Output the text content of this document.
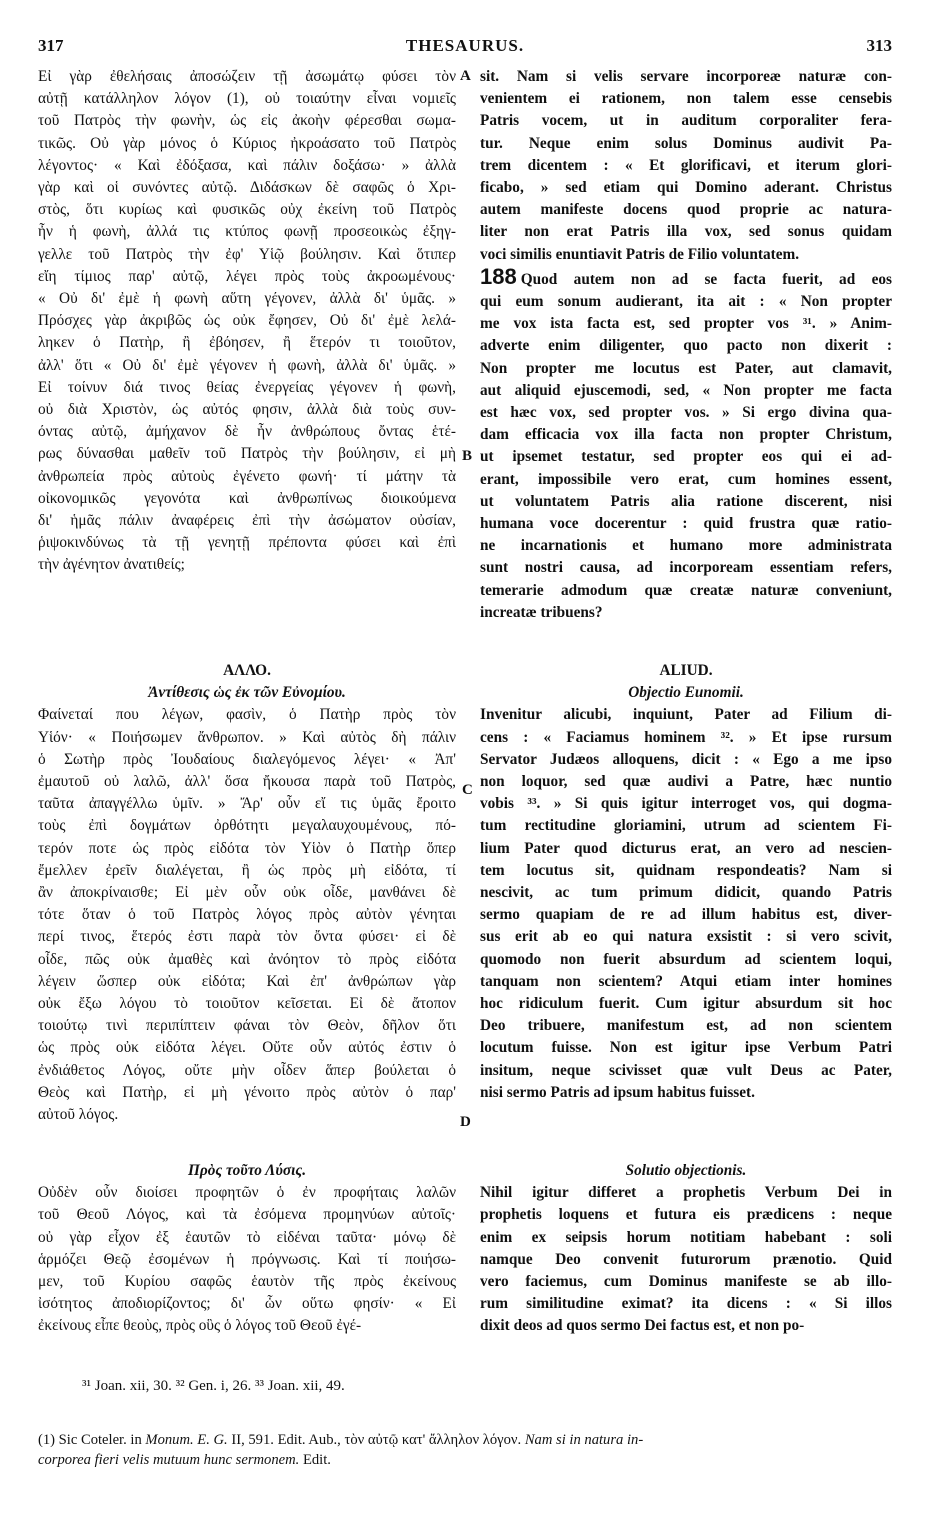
317	THESAURUS.	313
A
B
C
D

Εἰ γὰρ ἐθελήσαις ἀποσώζειν τῇ ἀσωμάτῳ φύσει τὸν

αὐτῇ κατάλληλον λόγον (1), οὐ τοιαύτην εἶναι νομιεῖς

τοῦ Πατρὸς τὴν φωνὴν, ὡς εἰς ἀκοὴν φέρεσθαι σωμα-

τικῶς. Οὐ γὰρ μόνος ὁ Κύριος ἠκροάσατο τοῦ Πατρὸς

λέγοντος· « Καὶ ἐδόξασα, καὶ πάλιν δοξάσω· » ἀλλὰ

γὰρ καὶ οἱ συνόντες αὐτῷ. Διδάσκων δὲ σαφῶς ὁ Χρι-

στὸς, ὅτι κυρίως καὶ φυσικῶς οὐχ ἐκείνη τοῦ Πατρὸς

ἦν ἡ φωνὴ, ἀλλά τις κτύπος φωνῇ προσεοικὼς ἐξηγ-

γελλε τοῦ Πατρὸς τὴν ἐφ' Υἱῷ βούλησιν. Καὶ ὅτιπερ

εἴη τίμιος παρ' αὐτῷ, λέγει πρὸς τοὺς ἀκροωμένους·

« Οὐ δι' ἐμὲ ἡ φωνὴ αὕτη γέγονεν, ἀλλὰ δι' ὑμᾶς. »

Πρόσχες γὰρ ἀκριβῶς ὡς οὐκ ἔφησεν, Οὐ δι' ἐμὲ λελά-

ληκεν ὁ Πατὴρ, ἢ ἐβόησεν, ἢ ἕτερόν τι τοιοῦτον,

ἀλλ' ὅτι « Οὐ δι' ἐμὲ γέγονεν ἡ φωνὴ, ἀλλὰ δι' ὑμᾶς. »

Εἰ τοίνυν διά τινος θείας ἐνεργείας γέγονεν ἡ φωνὴ,

οὐ διὰ Χριστὸν, ὡς αὐτός φησιν, ἀλλὰ διὰ τοὺς συν-

όντας αὐτῷ, ἀμήχανον δὲ ἦν ἀνθρώπους ὄντας ἑτέ-

ρως δύνασθαι μαθεῖν τοῦ Πατρὸς τὴν βούλησιν, εἰ μὴ

ἀνθρωπεία πρὸς αὐτοὺς ἐγένετο φωνή· τί μάτην τὰ

οἰκονομικῶς γεγονότα καὶ ἀνθρωπίνως διοικούμενα

δι' ἡμᾶς πάλιν ἀναφέρεις ἐπὶ τὴν ἀσώματον οὐσίαν,

ῥιψοκινδύνως τὰ τῇ γενητῇ πρέποντα φύσει καὶ ἐπὶ

τὴν ἀγένητον ἀνατιθείς;

ΑΛΛΟ.

Ἀντίθεσις ὡς ἐκ τῶν Εὐνομίου.

Φαίνεταί που λέγων, φασὶν, ὁ Πατὴρ πρὸς τὸν

Υἱόν· « Ποιήσωμεν ἄνθρωπον. » Καὶ αὐτὸς δὴ πάλιν

ὁ Σωτὴρ πρὸς Ἰουδαίους διαλεγόμενος λέγει· « Ἀπ'

ἐμαυτοῦ οὐ λαλῶ, ἀλλ' ὅσα ἤκουσα παρὰ τοῦ Πατρὸς,

ταῦτα ἀπαγγέλλω ὑμῖν. » Ἄρ' οὖν εἴ τις ὑμᾶς ἔροιτο

τοὺς ἐπὶ δογμάτων ὀρθότητι μεγαλαυχουμένους, πό-

τερόν ποτε ὡς πρὸς εἰδότα τὸν Υἱὸν ὁ Πατὴρ ὅπερ

ἔμελλεν ἐρεῖν διαλέγεται, ἢ ὡς πρὸς μὴ εἰδότα, τί

ἂν ἀποκρίναισθε; Εἰ μὲν οὖν οὐκ οἶδε, μανθάνει δὲ

τότε ὅταν ὁ τοῦ Πατρὸς λόγος πρὸς αὐτὸν γένηται

περί τινος, ἕτερός ἐστι παρὰ τὸν ὄντα φύσει· εἰ δὲ

οἶδε, πῶς οὐκ ἀμαθὲς καὶ ἀνόητον τὸ πρὸς εἰδότα

λέγειν ὥσπερ οὐκ εἰδότα; Καὶ ἐπ' ἀνθρώπων γὰρ

οὐκ ἔξω λόγου τὸ τοιοῦτον κεῖσεται. Εἰ δὲ ἄτοπον

τοιούτῳ τινὶ περιπίπτειν φάναι τὸν Θεὸν, δῆλον ὅτι

ὡς πρὸς οὐκ εἰδότα λέγει. Οὔτε οὖν αὐτός ἐστιν ὁ

ἐνδιάθετος Λόγος, οὔτε μὴν οἶδεν ἅπερ βούλεται ὁ

Θεὸς καὶ Πατὴρ, εἰ μὴ γένοιτο πρὸς αὐτὸν ὁ παρ'

αὐτοῦ λόγος.

Πρὸς τοῦτο Λύσις.

Οὐδὲν οὖν διοίσει προφητῶν ὁ ἐν προφήταις λαλῶν

τοῦ Θεοῦ Λόγος, καὶ τὰ ἐσόμενα προμηνύων αὐτοῖς·

οὐ γὰρ εἶχον ἐξ ἑαυτῶν τὸ εἰδέναι ταῦτα· μόνῳ δὲ

ἁρμόζει Θεῷ ἐσομένων ἡ πρόγνωσις. Καὶ τί ποιήσω-

μεν, τοῦ Κυρίου σαφῶς ἑαυτὸν τῆς πρὸς ἐκείνους

ἰσότητος ἀποδιορίζοντος; δι' ὧν οὕτω φησίν· « Εἰ

ἐκείνους εἶπε θεοὺς, πρὸς οὓς ὁ λόγος τοῦ Θεοῦ ἐγέ-

sit. Nam si velis servare incorporeæ naturæ con-

venientem ei rationem, non talem esse censebis

Patris vocem, ut in auditum corporaliter fera-

tur. Neque enim solus Dominus audivit Pa-

trem dicentem : « Et glorificavi, et iterum glori-

ficabo, » sed etiam qui Domino aderant. Christus

autem manifeste docens quod proprie ac natura-

liter non erat Patris illa vox, sed sonus quidam

voci similis enuntiavit Patris de Filio voluntatem.

188 Quod autem non ad se facta fuerit, ad eos

qui eum sonum audierant, ita ait : « Non propter

me vox ista facta est, sed propter vos ³¹. » Anim-

adverte enim diligenter, quo pacto non dixerit :

Non propter me locutus est Pater, aut clamavit,

aut aliquid ejuscemodi, sed, « Non propter me facta

est hæc vox, sed propter vos. » Si ergo divina qua-

dam efficacia vox illa facta non propter Christum,

ut ipsemet testatur, sed propter eos qui ei ad-

erant, impossibile vero erat, cum homines essent,

ut voluntatem Patris alia ratione discerent, nisi

humana voce docerentur : quid frustra quæ ratio-

ne incarnationis et humano more administrata

sunt nostri causa, ad incorpoream essentiam refers,

temerarie admodum quæ creatæ naturæ conveniunt,

increatæ tribuens?

ALIUD.

Objectio Eunomii.

Invenitur alicubi, inquiunt, Pater ad Filium di-

cens : « Faciamus hominem ³². » Et ipse rursum

Servator Judæos alloquens, dicit : « Ego a me ipso

non loquor, sed quæ audivi a Patre, hæc nuntio

vobis ³³. » Si quis igitur interroget vos, qui dogma-

tum rectitudine gloriamini, utrum ad scientem Fi-

lium Pater quod dicturus erat, an vero ad nescien-

tem locutus sit, quidnam respondeatis? Nam si

nescivit, ac tum primum didicit, quando Patris

sermo quapiam de re ad illum habitus est, diver-

sus erit ab eo qui natura exsistit : si vero scivit,

quomodo non fuerit absurdum ad scientem loqui,

tanquam non scientem? Atqui etiam inter homines

hoc ridiculum fuerit. Cum igitur absurdum sit hoc

Deo tribuere, manifestum est, ad non scientem

locutum fuisse. Non est igitur ipse Verbum Patri

insitum, neque scivisset quæ vult Deus ac Pater,

nisi sermo Patris ad ipsum habitus fuisset.

Solutio objectionis.

Nihil igitur differet a prophetis Verbum Dei in

prophetis loquens et futura eis prædicens : neque

enim ex seipsis horum notitiam habebant : soli

namque Deo convenit futurorum prænotio. Quid

vero faciemus, cum Dominus manifeste se ab illo-

rum similitudine eximat? ita dicens : « Si illos

dixit deos ad quos sermo Dei factus est, et non po-

³¹ Joan. xii, 30. ³² Gen. i, 26. ³³ Joan. xii, 49.
(1) Sic Coteler. in Monum. E. G. II, 591. Edit. Aub., τὸν αὐτῷ κατ' ἄλληλον λόγον. Nam si in natura in-
corporea fieri velis mutuum hunc sermonem. Edit.
